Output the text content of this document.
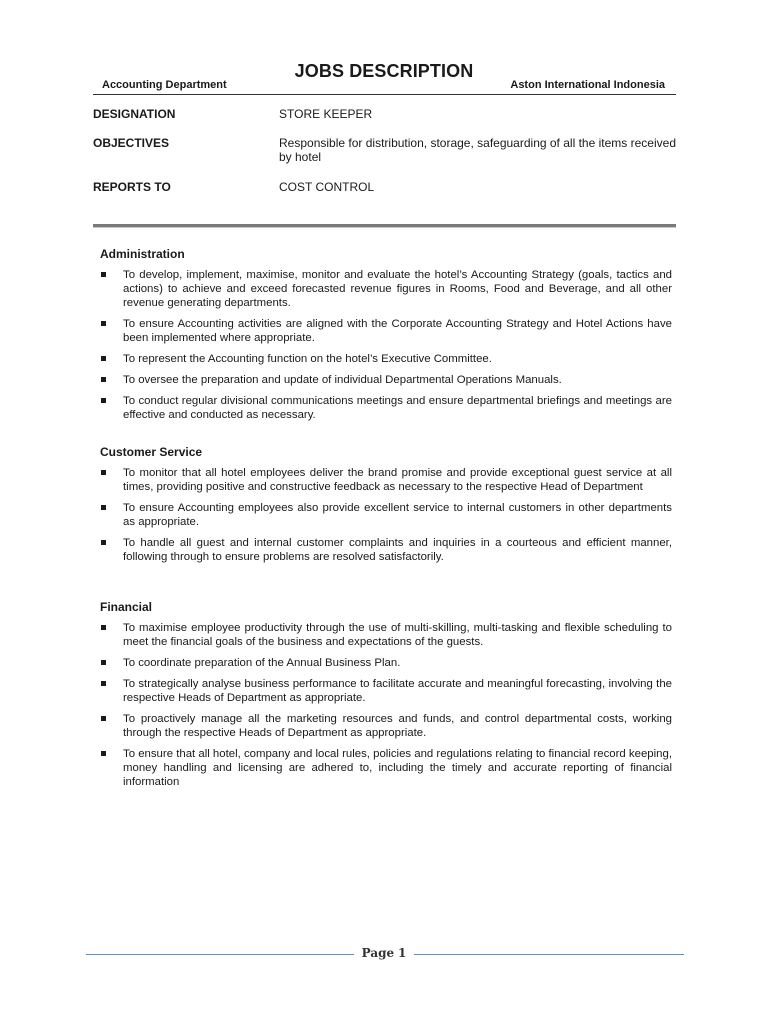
JOBS DESCRIPTION
Accounting Department	Aston International Indonesia
DESIGNATION	STORE KEEPER
OBJECTIVES	Responsible for distribution, storage, safeguarding of all the items received by hotel
REPORTS TO	COST CONTROL
Administration
To develop, implement, maximise, monitor and evaluate the hotel’s Accounting Strategy (goals, tactics and actions) to achieve and exceed forecasted revenue figures in Rooms, Food and Beverage, and all other revenue generating departments.
To ensure Accounting activities are aligned with the Corporate Accounting Strategy and Hotel Actions have been implemented where appropriate.
To represent the Accounting function on the hotel’s Executive Committee.
To oversee the preparation and update of individual Departmental Operations Manuals.
To conduct regular divisional communications meetings and ensure departmental briefings and meetings are effective and conducted as necessary.
Customer Service
To monitor that all hotel employees deliver the brand promise and provide exceptional guest service at all times, providing positive and constructive feedback as necessary to the respective Head of Department
To ensure Accounting employees also provide excellent service to internal customers in other departments as appropriate.
To handle all guest and internal customer complaints and inquiries in a courteous and efficient manner, following through to ensure problems are resolved satisfactorily.
Financial
To maximise employee productivity through the use of multi-skilling, multi-tasking and flexible scheduling to meet the financial goals of the business and expectations of the guests.
To coordinate preparation of the Annual Business Plan.
To strategically analyse business performance to facilitate accurate and meaningful forecasting, involving the respective Heads of Department as appropriate.
To proactively manage all the marketing resources and funds, and control departmental costs, working through the respective Heads of Department as appropriate.
To ensure that all hotel, company and local rules, policies and regulations relating to financial record keeping, money handling and licensing are adhered to, including the timely and accurate reporting of financial information
Page 1
